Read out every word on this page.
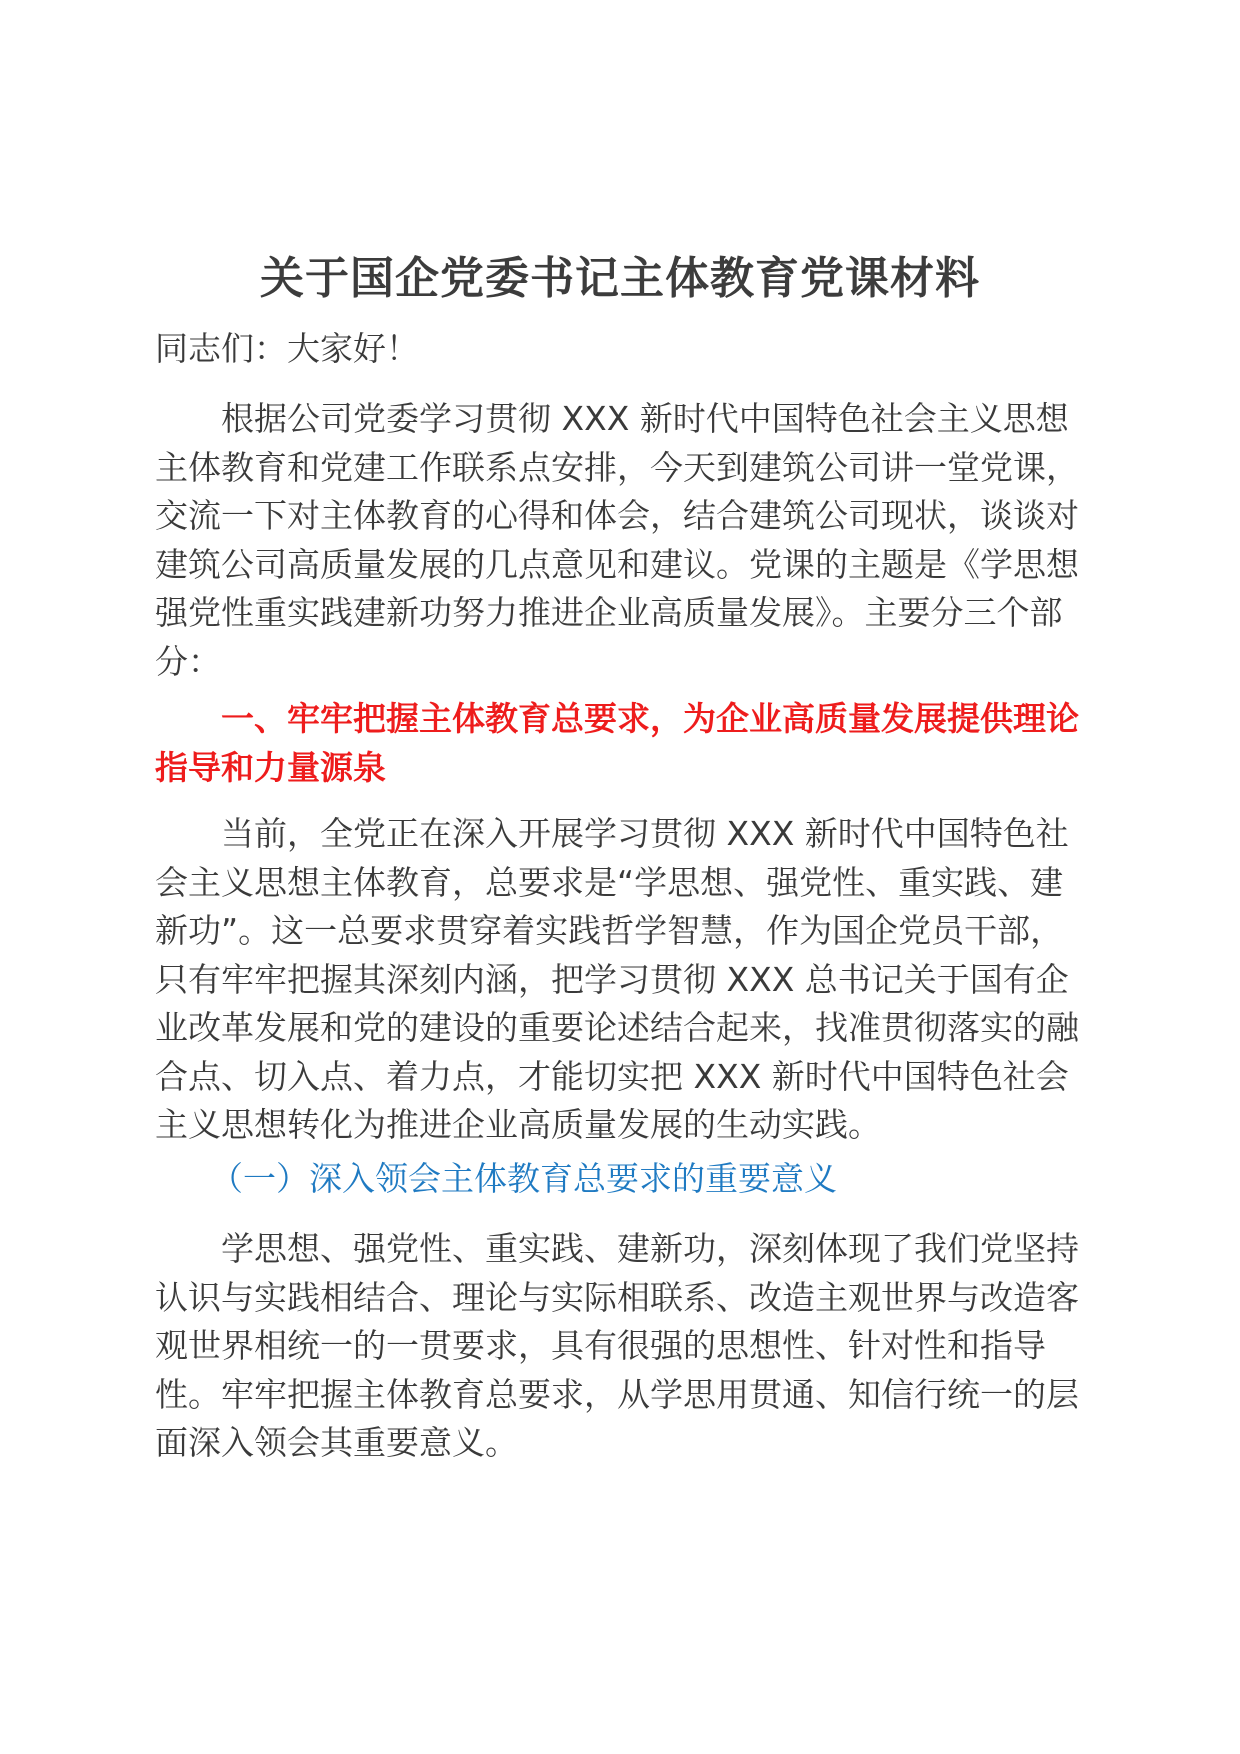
关于国企党委书记主体教育党课材料

同志们：大家好！

根据公司党委学习贯彻 XXX 新时代中国特色社会主义思想主体教育和党建工作联系点安排，今天到建筑公司讲一堂党课，交流一下对主体教育的心得和体会，结合建筑公司现状，谈谈对建筑公司高质量发展的几点意见和建议。党课的主题是《学思想强党性重实践建新功努力推进企业高质量发展》。主要分三个部分：

一、牢牢把握主体教育总要求，为企业高质量发展提供理论指导和力量源泉

当前，全党正在深入开展学习贯彻 XXX 新时代中国特色社会主义思想主体教育，总要求是“学思想、强党性、重实践、建新功”。这一总要求贯穿着实践哲学智慧，作为国企党员干部，只有牢牢把握其深刻内涵，把学习贯彻 XXX 总书记关于国有企业改革发展和党的建设的重要论述结合起来，找准贯彻落实的融合点、切入点、着力点，才能切实把 XXX 新时代中国特色社会主义思想转化为推进企业高质量发展的生动实践。

（一）深入领会主体教育总要求的重要意义

学思想、强党性、重实践、建新功，深刻体现了我们党坚持认识与实践相结合、理论与实际相联系、改造主观世界与改造客观世界相统一的一贯要求，具有很强的思想性、针对性和指导性。牢牢把握主体教育总要求，从学思用贯通、知信行统一的层面深入领会其重要意义。
